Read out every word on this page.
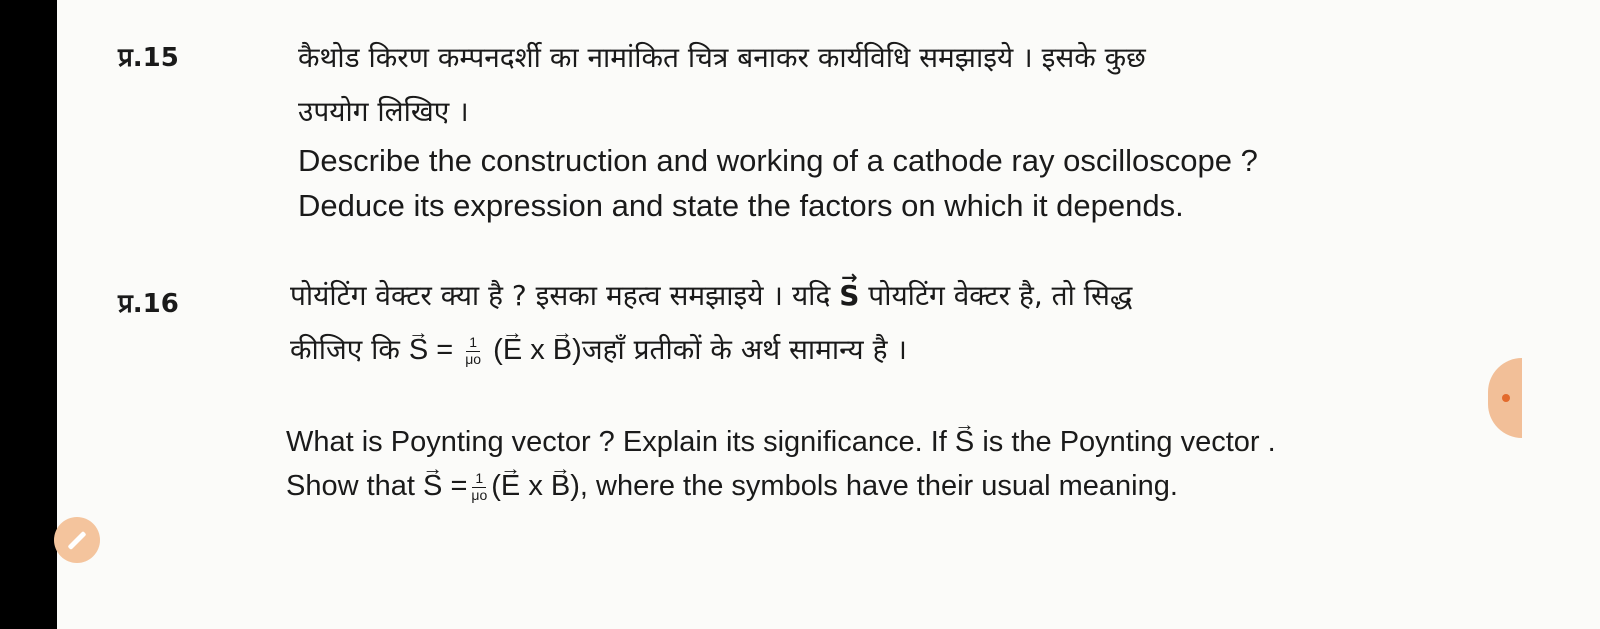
प्र.15	कैथोड किरण कम्पनदर्शी का नामांकित चित्र बनाकर कार्यविधि समझाइये । इसके कुछ
उपयोग लिखिए ।
Describe the construction and working of a cathode ray oscilloscope ?
Deduce its expression and state the factors on which it depends.
प्र.16	पोयंटिंग वेक्टर क्या है ? इसका महत्व समझाइये । यदि → S पोयटिंग वेक्टर है, तो सिद्ध
कीजिए कि → $S = \frac{1}{\mu o}$ (→ E x → B)जहाँ प्रतीकों के अर्थ सामान्य है ।
What is Poynting vector ? Explain its significance. If → S is the Poynting vector .
Show that → $S = \frac{1}{\mu o}$ (→ E x → B), where the symbols have their usual meaning.
